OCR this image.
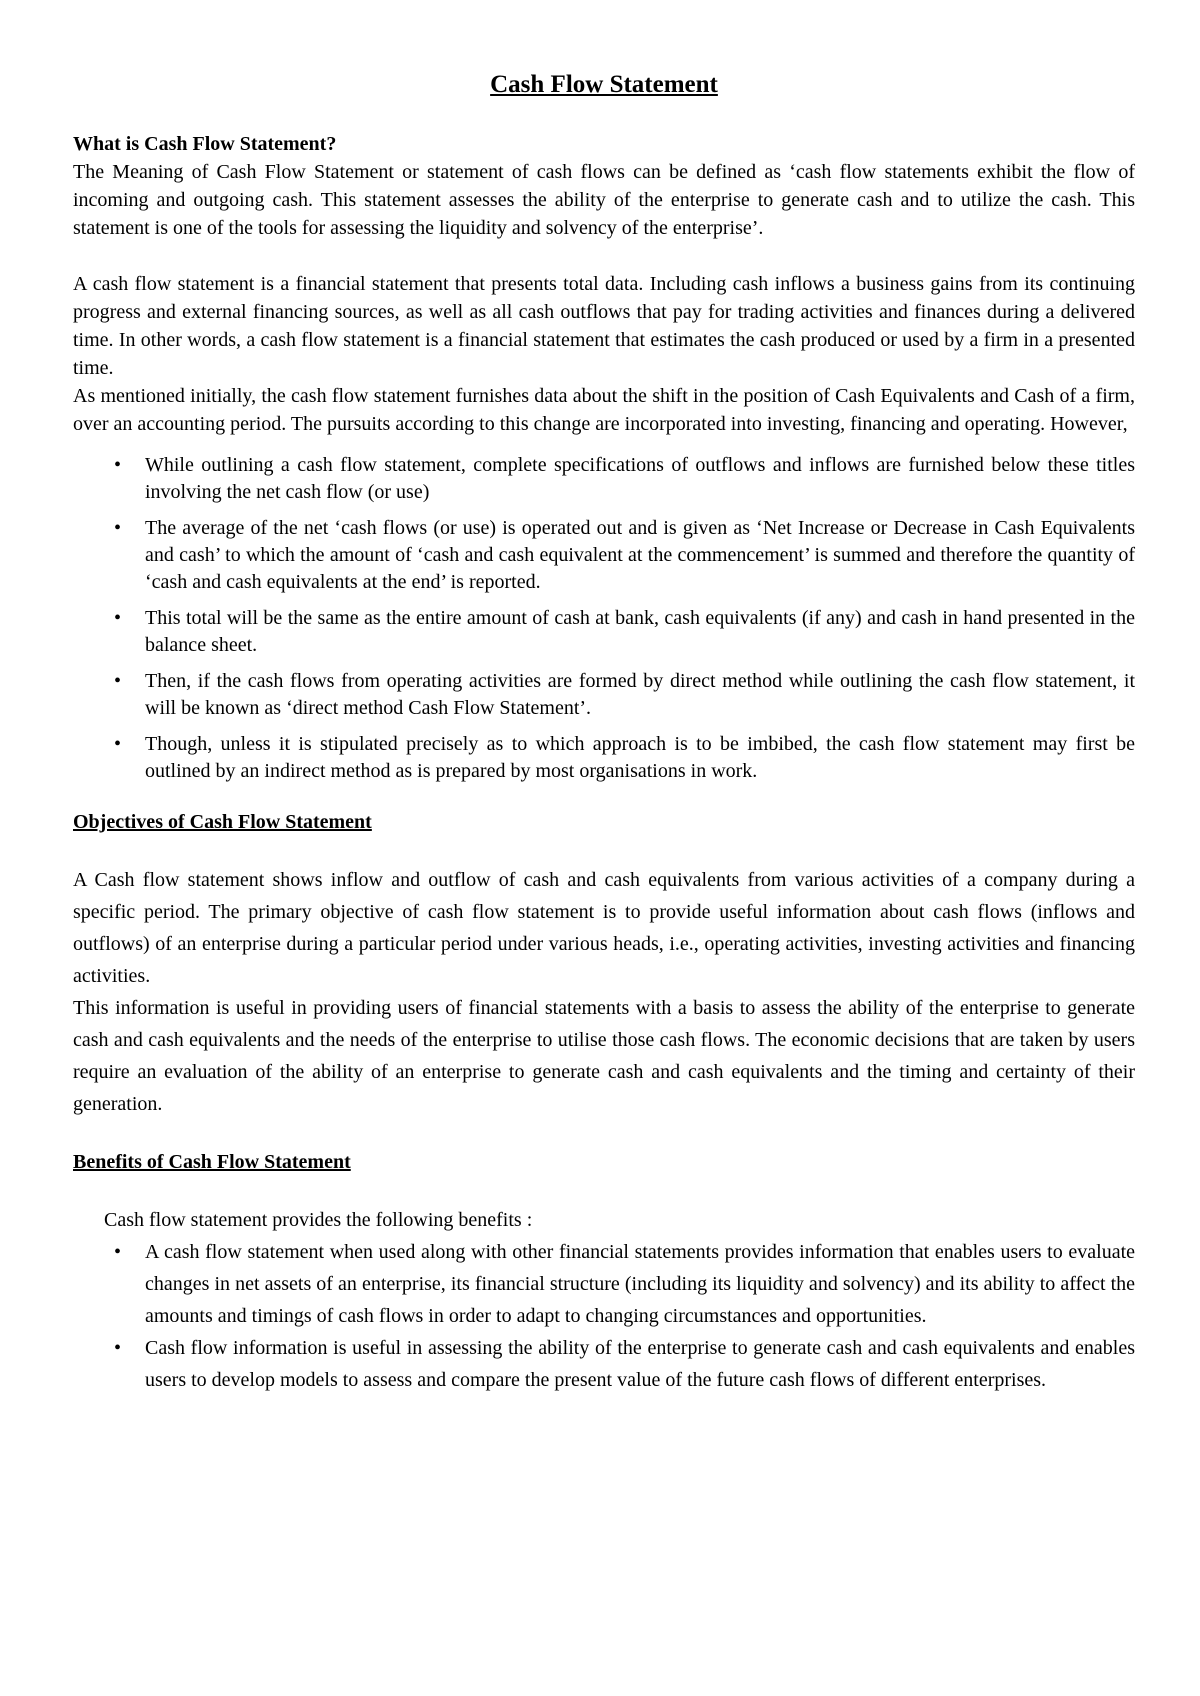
Cash Flow Statement
What is Cash Flow Statement?

The Meaning of Cash Flow Statement or statement of cash flows can be defined as ‘cash flow statements exhibit the flow of incoming and outgoing cash. This statement assesses the ability of the enterprise to generate cash and to utilize the cash. This statement is one of the tools for assessing the liquidity and solvency of the enterprise’.

A cash flow statement is a financial statement that presents total data. Including cash inflows a business gains from its continuing progress and external financing sources, as well as all cash outflows that pay for trading activities and finances during a delivered time. In other words, a cash flow statement is a financial statement that estimates the cash produced or used by a firm in a presented time.

As mentioned initially, the cash flow statement furnishes data about the shift in the position of Cash Equivalents and Cash of a firm, over an accounting period. The pursuits according to this change are incorporated into investing, financing and operating. However,

• While outlining a cash flow statement, complete specifications of outflows and inflows are furnished below these titles involving the net cash flow (or use)
• The average of the net ‘cash flows (or use) is operated out and is given as ‘Net Increase or Decrease in Cash Equivalents and cash’ to which the amount of ‘cash and cash equivalent at the commencement’ is summed and therefore the quantity of ‘cash and cash equivalents at the end’ is reported.
• This total will be the same as the entire amount of cash at bank, cash equivalents (if any) and cash in hand presented in the balance sheet.
• Then, if the cash flows from operating activities are formed by direct method while outlining the cash flow statement, it will be known as ‘direct method Cash Flow Statement’.
• Though, unless it is stipulated precisely as to which approach is to be imbibed, the cash flow statement may first be outlined by an indirect method as is prepared by most organisations in work.
Objectives of Cash Flow Statement

A Cash flow statement shows inflow and outflow of cash and cash equivalents from various activities of a company during a specific period. The primary objective of cash flow statement is to provide useful information about cash flows (inflows and outflows) of an enterprise during a particular period under various heads, i.e., operating activities, investing activities and financing activities.

This information is useful in providing users of financial statements with a basis to assess the ability of the enterprise to generate cash and cash equivalents and the needs of the enterprise to utilise those cash flows. The economic decisions that are taken by users require an evaluation of the ability of an enterprise to generate cash and cash equivalents and the timing and certainty of their generation.

Benefits of Cash Flow Statement

Cash flow statement provides the following benefits :

• A cash flow statement when used along with other financial statements provides information that enables users to evaluate changes in net assets of an enterprise, its financial structure (including its liquidity and solvency) and its ability to affect the amounts and timings of cash flows in order to adapt to changing circumstances and opportunities.
• Cash flow information is useful in assessing the ability of the enterprise to generate cash and cash equivalents and enables users to develop models to assess and compare the present value of the future cash flows of different enterprises.
